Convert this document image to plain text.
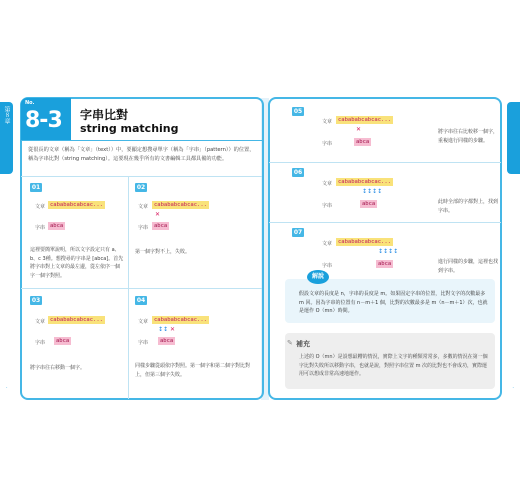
第８章
No.
8-3 字串比對
string matching
從很長的文章（稱為「文章」（text））中，要顯定想搜尋單字（稱為「字串」（pattern））的位置，稱為字串比對（string matching）。這要現在幾乎所有的文書編輯工具都具備的功能。
01
文章 cabababcabcac...
字串 abca
這裡要簡單說明，所以文字設定只有 a、b、c 3種。想搜尋的字串是 [abca]。首先將字串對上文章的最左邊，從左依序一個字一個字對照。
02
文章	cabababcabcac...
✕
字串	abca
第一個字對不上，失敗。
03
文章 cabababcabcac...
字串	abca
將字串往右移動一個字。
04
文章	cabababcabcac...
↕↕ ✕
字串	abca
同樣步驟從頭依序對照。第一個字和第二個字對比對上，但第三個字失敗。
05
文章	cabababcabcac...
✕
字串	abca
將字串往右比較移一個字，重複進行同樣的步驟。
06
文章	cabababcabcac...
↕↕↕↕
字串	abca	此時全部的字都對上，找到字串。
07
文章	cabababcabcac...
↕↕↕↕
字串	abca	進行同樣的步驟，這裡也找到字串。
解說
假設文章的長度是 n，字串的長度是 m。如果固定字串的位置，比對文字的次數最多 m 回。因為字串的位置有 n－m＋1 個，比對的次數最多是 m（n－m＋1）次，也就是運作 O（mn）時間。
✎ 補充
上述的 O（mn）是設想最糟的情況，實際上文字的種類常常多，多數的情況在第一個字比對失敗所以移動字串，也就是說，對照字串位置 m 次的比對也不會成功，實際運用可以想成非常高速地運作。
·	·
